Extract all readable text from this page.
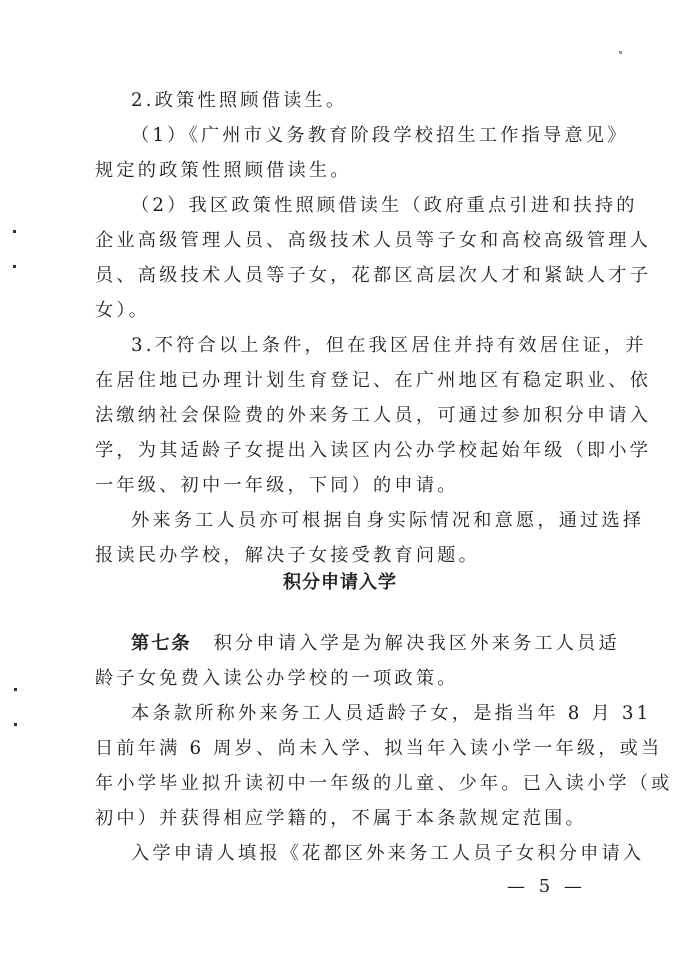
2.政策性照顾借读生。
（1）《广州市义务教育阶段学校招生工作指导意见》
规定的政策性照顾借读生。
（2）我区政策性照顾借读生（政府重点引进和扶持的
企业高级管理人员、高级技术人员等子女和高校高级管理人
员、高级技术人员等子女，花都区高层次人才和紧缺人才子
女）。
3.不符合以上条件，但在我区居住并持有效居住证，并
在居住地已办理计划生育登记、在广州地区有稳定职业、依
法缴纳社会保险费的外来务工人员，可通过参加积分申请入
学，为其适龄子女提出入读区内公办学校起始年级（即小学
一年级、初中一年级，下同）的申请。
外来务工人员亦可根据自身实际情况和意愿，通过选择
报读民办学校，解决子女接受教育问题。
积分申请入学
第七条 积分申请入学是为解决我区外来务工人员适
龄子女免费入读公办学校的一项政策。
本条款所称外来务工人员适龄子女，是指当年 8 月 31
日前年满 6 周岁、尚未入学、拟当年入读小学一年级，或当
年小学毕业拟升读初中一年级的儿童、少年。已入读小学（或
初中）并获得相应学籍的，不属于本条款规定范围。
入学申请人填报《花都区外来务工人员子女积分申请入
— 5 —
